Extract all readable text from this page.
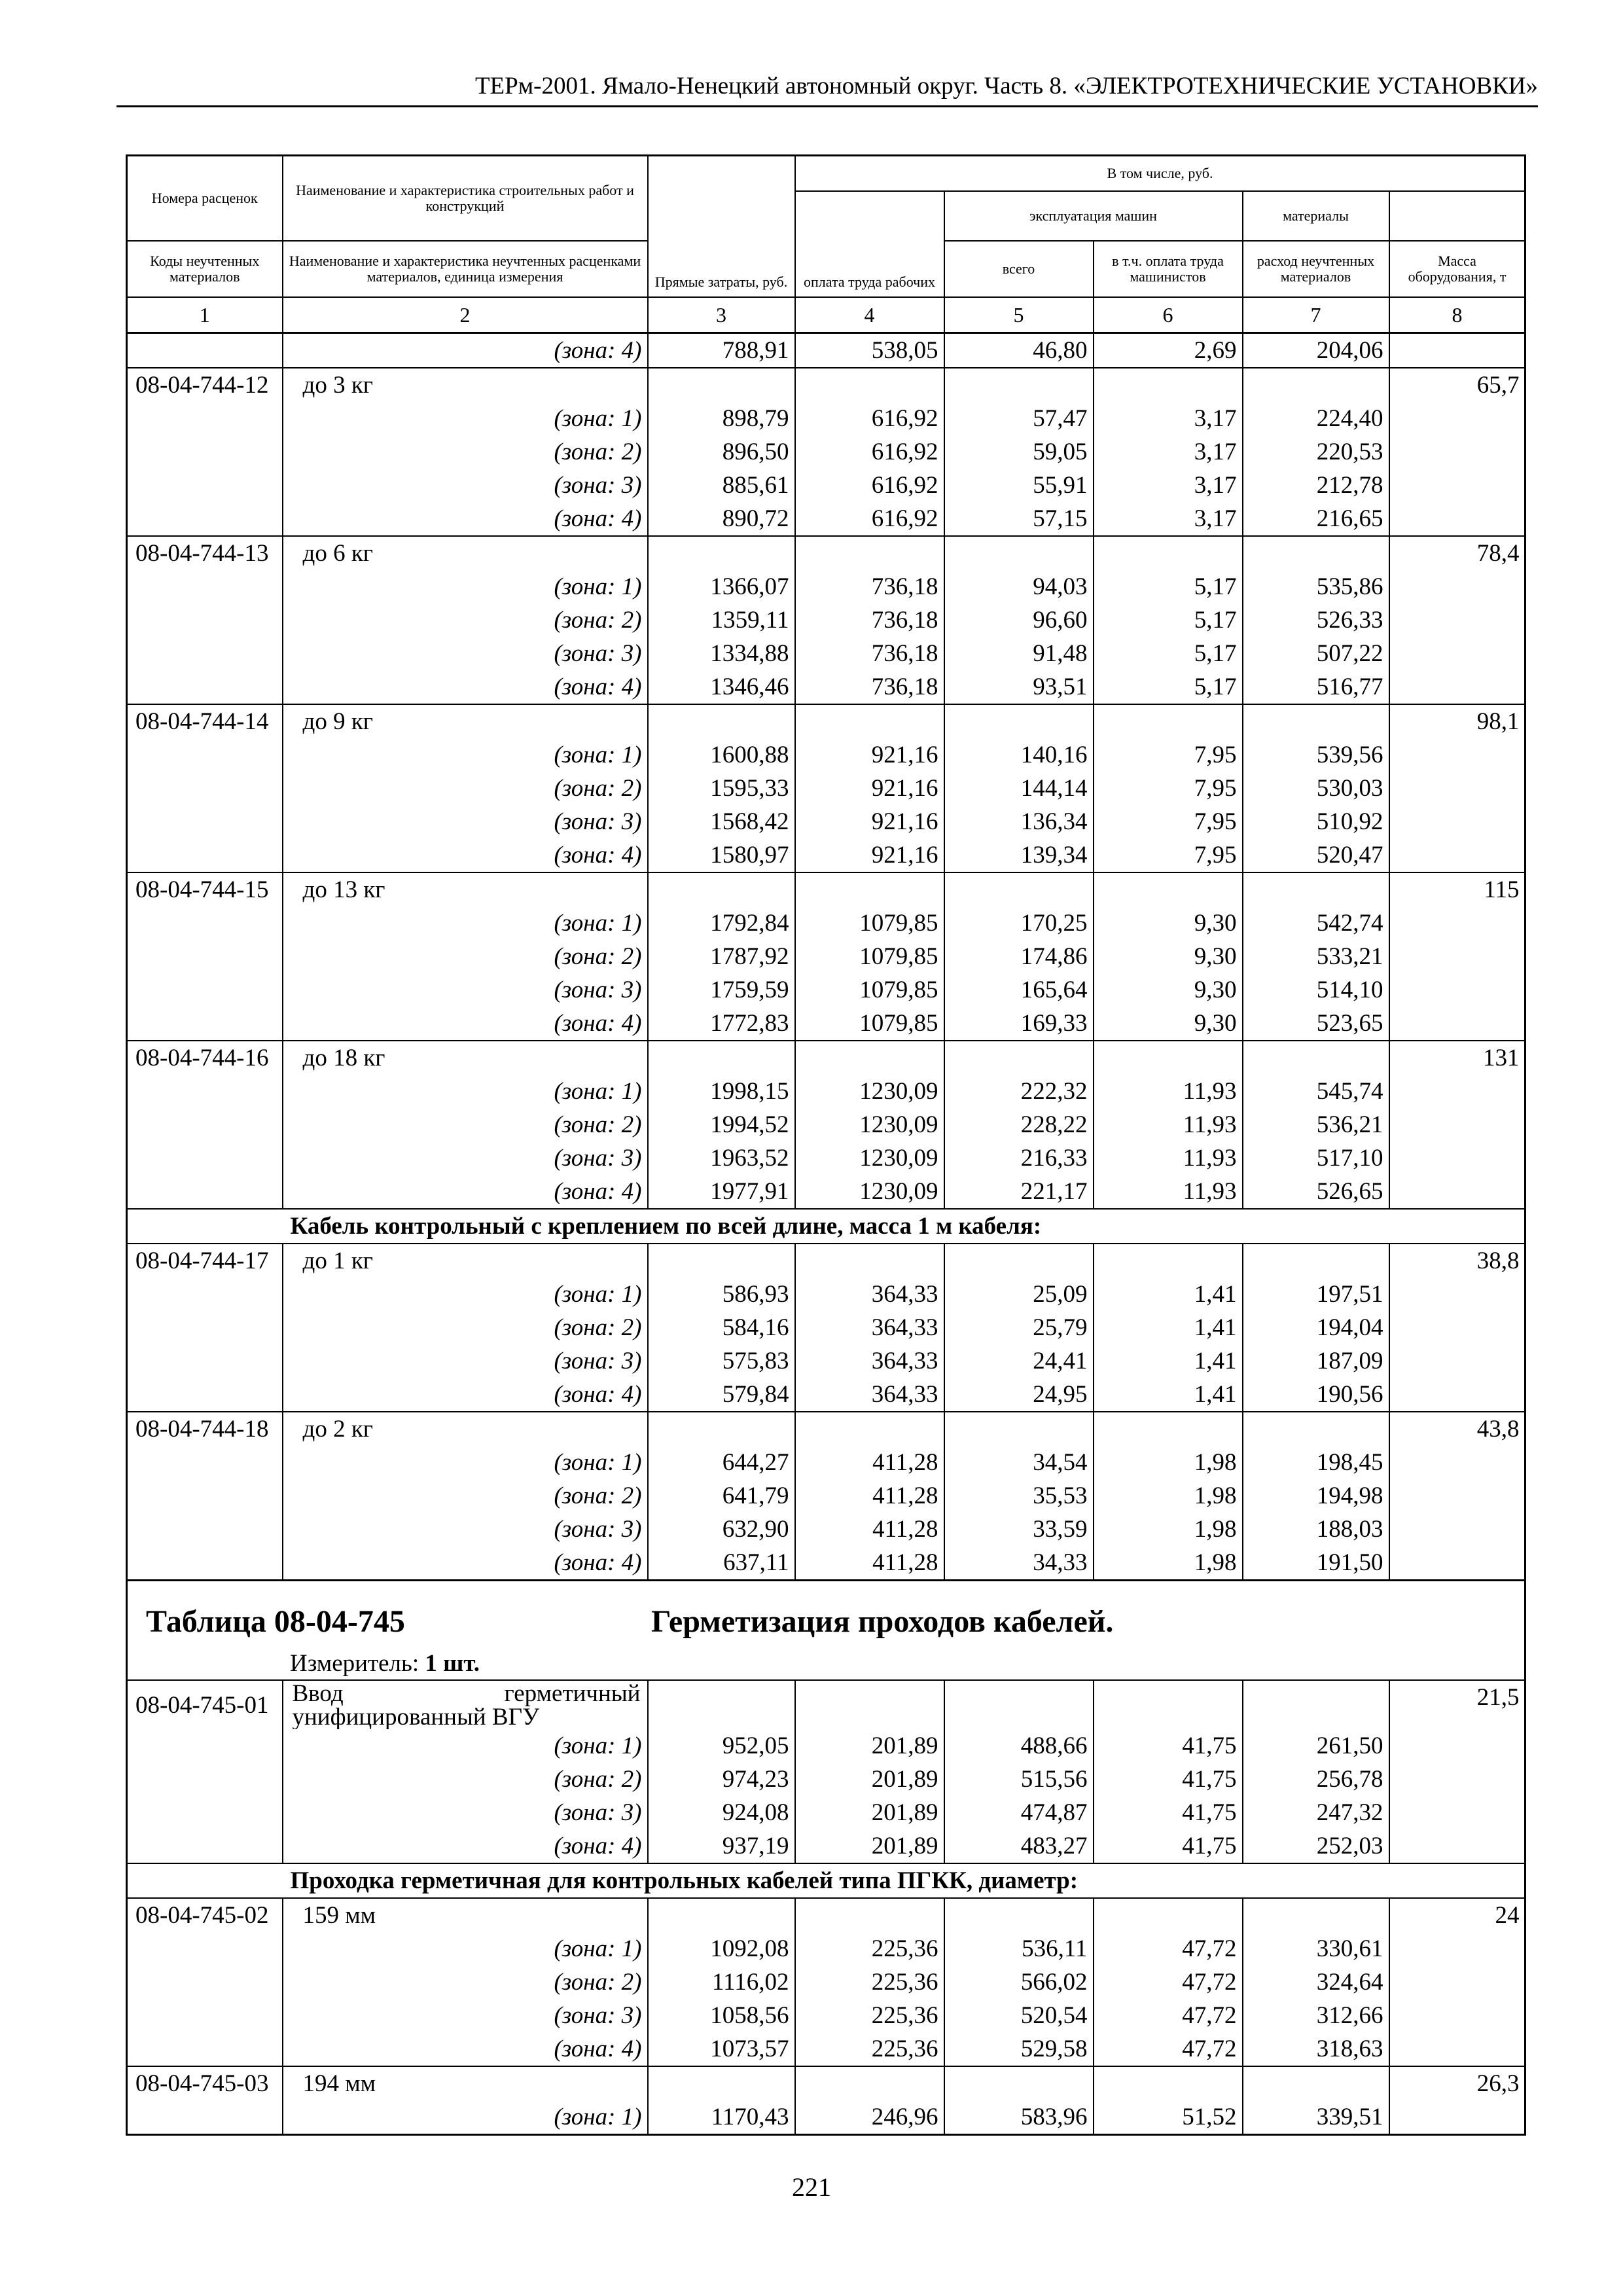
ТЕРм-2001. Ямало-Ненецкий автономный округ. Часть 8. «ЭЛЕКТРОТЕХНИЧЕСКИЕ УСТАНОВКИ»
Номера расценок	Наименование и характеристика строительных работ и конструкций	Прямые затраты, руб.	В том числе, руб.	
			оплата труда рабочих	эксплуатация машин		материалы		
Коды неучтенных материалов	Наименование и характеристика неучтенных расценками материалов, единица измерения			всего	в т.ч. оплата труда машинистов	расход неучтенных материалов	Масса оборудования, т	
1	2	3	4	5	6	7	8	
	(зона: 4)	788,91	538,05	46,80	2,69	204,06		
08-04-744-12	до 3 кг						65,7	
	(зона: 1)	898,79	616,92	57,47	3,17	224,40		
	(зона: 2)	896,50	616,92	59,05	3,17	220,53		
	(зона: 3)	885,61	616,92	55,91	3,17	212,78		
	(зона: 4)	890,72	616,92	57,15	3,17	216,65		
08-04-744-13	до 6 кг						78,4	
	(зона: 1)	1366,07	736,18	94,03	5,17	535,86		
	(зона: 2)	1359,11	736,18	96,60	5,17	526,33		
	(зона: 3)	1334,88	736,18	91,48	5,17	507,22		
	(зона: 4)	1346,46	736,18	93,51	5,17	516,77		
08-04-744-14	до 9 кг						98,1	
	(зона: 1)	1600,88	921,16	140,16	7,95	539,56		
	(зона: 2)	1595,33	921,16	144,14	7,95	530,03		
	(зона: 3)	1568,42	921,16	136,34	7,95	510,92		
	(зона: 4)	1580,97	921,16	139,34	7,95	520,47		
08-04-744-15	до 13 кг						115	
	(зона: 1)	1792,84	1079,85	170,25	9,30	542,74		
	(зона: 2)	1787,92	1079,85	174,86	9,30	533,21		
	(зона: 3)	1759,59	1079,85	165,64	9,30	514,10		
	(зона: 4)	1772,83	1079,85	169,33	9,30	523,65		
08-04-744-16	до 18 кг						131	
	(зона: 1)	1998,15	1230,09	222,32	11,93	545,74		
	(зона: 2)	1994,52	1230,09	228,22	11,93	536,21		
	(зона: 3)	1963,52	1230,09	216,33	11,93	517,10		
	(зона: 4)	1977,91	1230,09	221,17	11,93	526,65		
	Кабель контрольный с креплением по всей длине, масса 1 м кабеля:							
08-04-744-17	до 1 кг						38,8	
	(зона: 1)	586,93	364,33	25,09	1,41	197,51		
	(зона: 2)	584,16	364,33	25,79	1,41	194,04		
	(зона: 3)	575,83	364,33	24,41	1,41	187,09		
	(зона: 4)	579,84	364,33	24,95	1,41	190,56		
08-04-744-18	до 2 кг						43,8	
	(зона: 1)	644,27	411,28	34,54	1,98	198,45		
	(зона: 2)	641,79	411,28	35,53	1,98	194,98		
	(зона: 3)	632,90	411,28	33,59	1,98	188,03		
	(зона: 4)	637,11	411,28	34,33	1,98	191,50		

Таблица 08-04-745 Герметизация проходов кабелей.
Измеритель: 1 шт.								

08-04-745-01	Ввод герметичный унифицированный ВГУ						21,5	
	(зона: 1)	952,05	201,89	488,66	41,75	261,50		
	(зона: 2)	974,23	201,89	515,56	41,75	256,78		
	(зона: 3)	924,08	201,89	474,87	41,75	247,32		
	(зона: 4)	937,19	201,89	483,27	41,75	252,03		
	Проходка герметичная для контрольных кабелей типа ПГКК, диаметр:							
08-04-745-02	159 мм						24	
	(зона: 1)	1092,08	225,36	536,11	47,72	330,61		
	(зона: 2)	1116,02	225,36	566,02	47,72	324,64		
	(зона: 3)	1058,56	225,36	520,54	47,72	312,66		
	(зона: 4)	1073,57	225,36	529,58	47,72	318,63		
08-04-745-03	194 мм						26,3	
	(зона: 1)	1170,43	246,96	583,96	51,52	339,51		
221
